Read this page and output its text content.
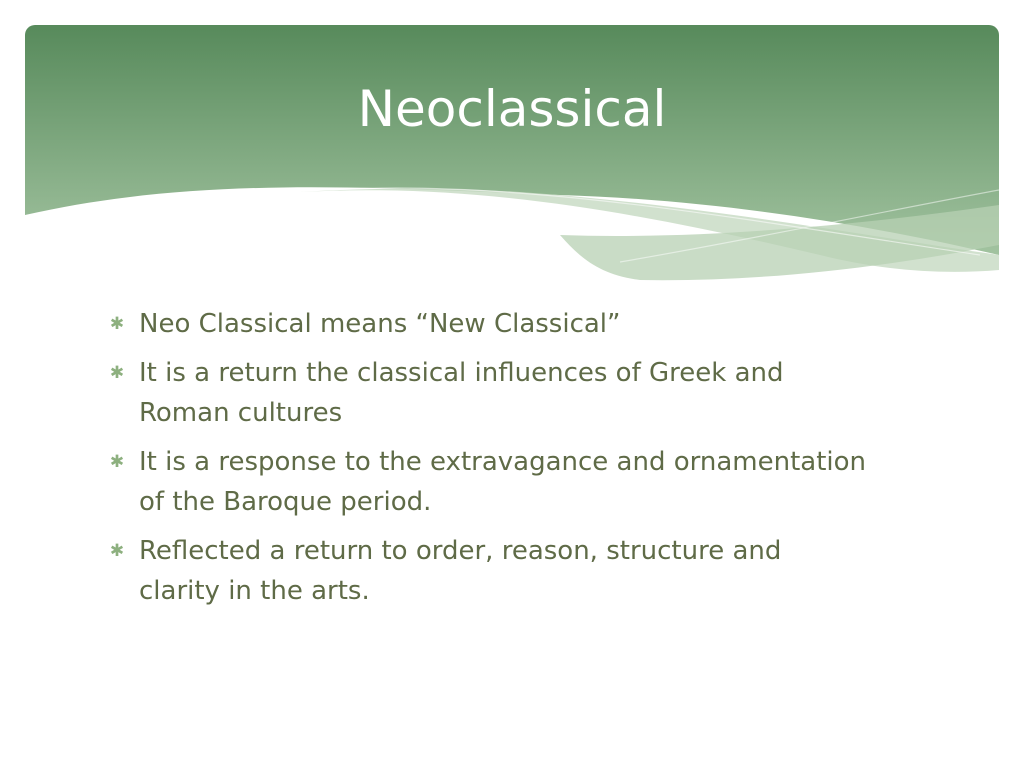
Neoclassical
✱ Neo Classical means “New Classical”
✱ It is a return the classical influences of Greek and Roman cultures
✱ It is a response to the extravagance and ornamentation of the Baroque period.
✱ Reflected a return to order, reason, structure and clarity in the arts.
